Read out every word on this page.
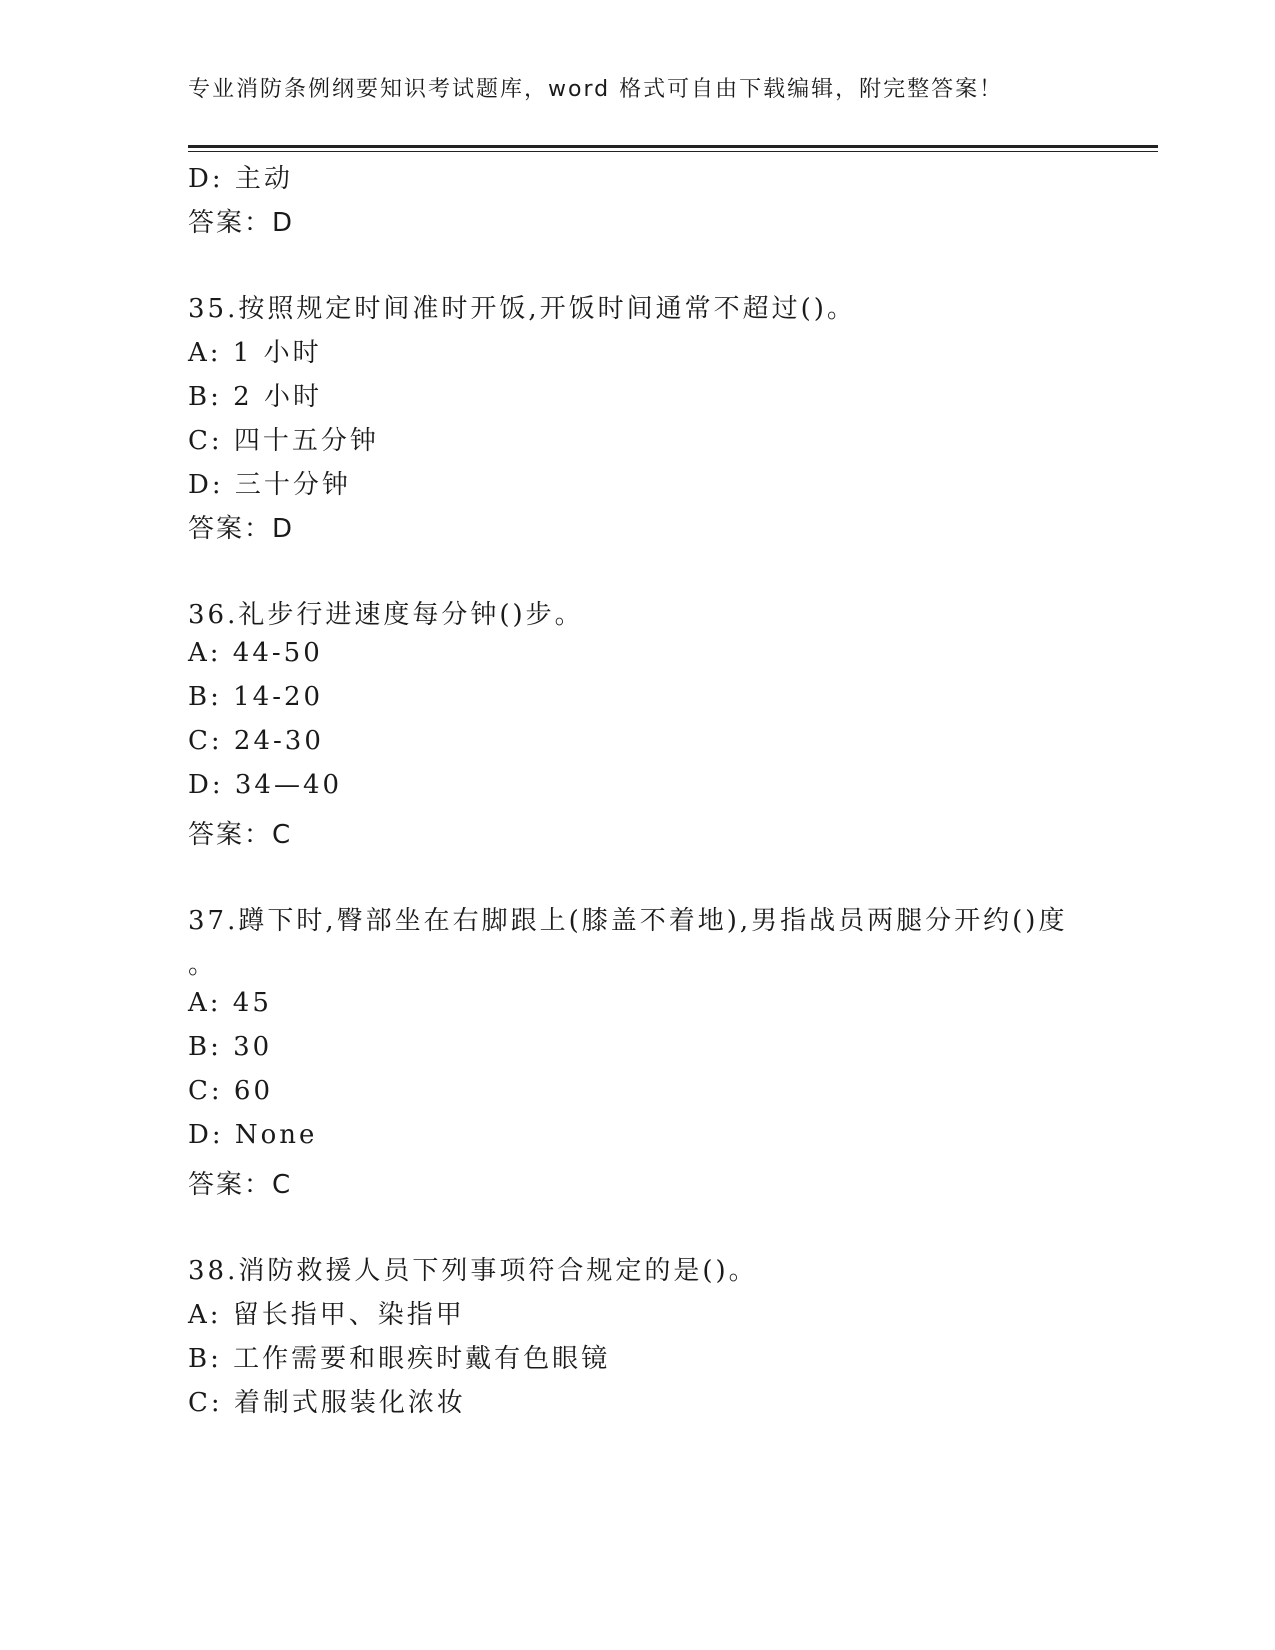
专业消防条例纲要知识考试题库，word 格式可自由下载编辑，附完整答案！
D: 主动
答案：D
35.按照规定时间准时开饭,开饭时间通常不超过()。
A: 1 小时
B: 2 小时
C: 四十五分钟
D: 三十分钟
答案：D
36.礼步行进速度每分钟()步。
A: 44-50
B: 14-20
C: 24-30
D: 34—40
答案：C
37.蹲下时,臀部坐在右脚跟上(膝盖不着地),男指战员两腿分开约()度
。
A: 45
B: 30
C: 60
D: None
答案：C
38.消防救援人员下列事项符合规定的是()。
A: 留长指甲、染指甲
B: 工作需要和眼疾时戴有色眼镜
C: 着制式服装化浓妆
